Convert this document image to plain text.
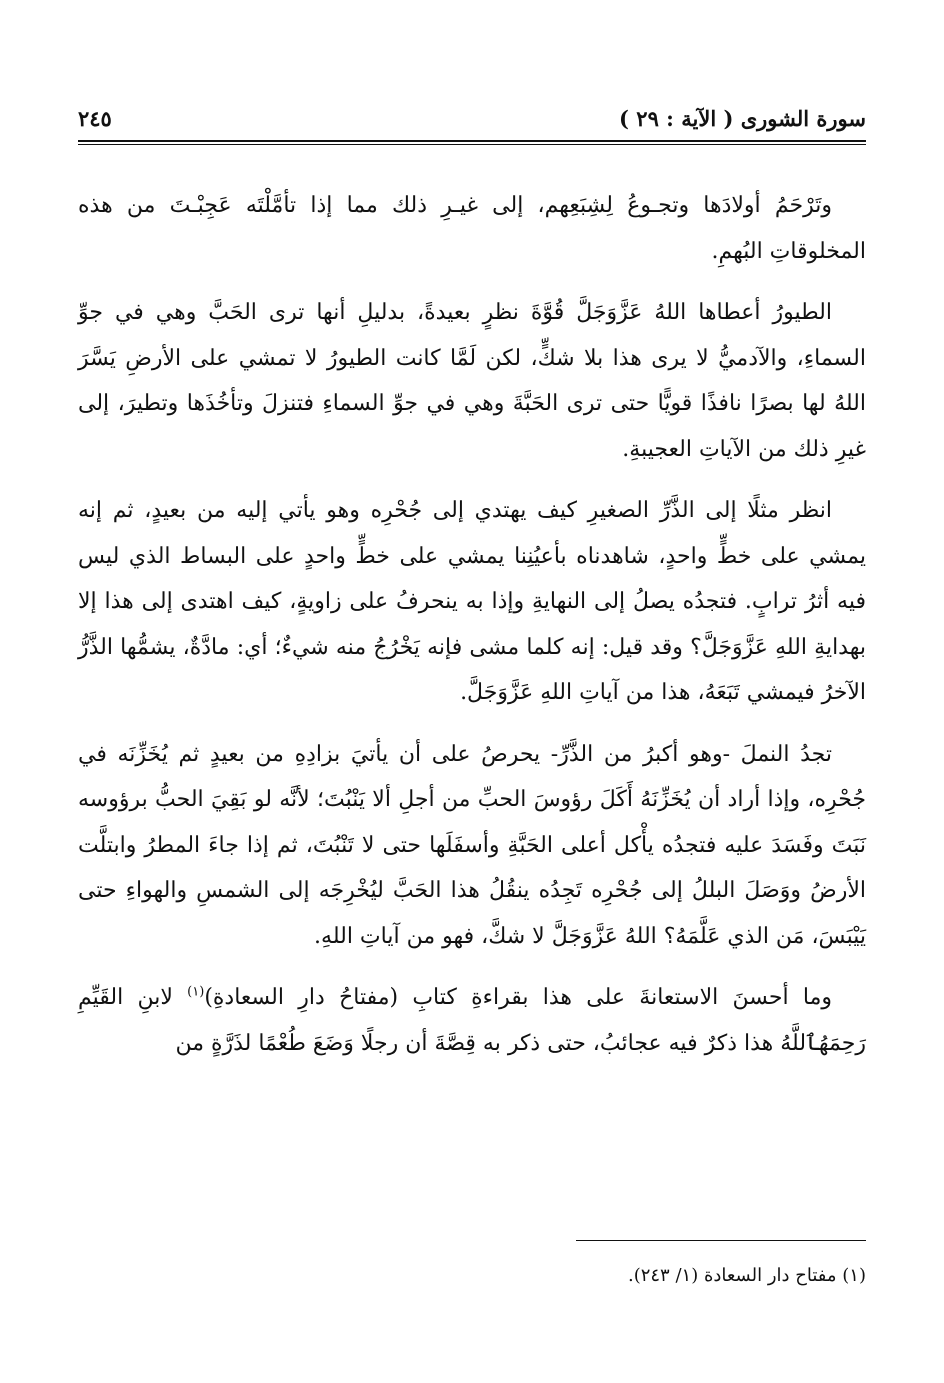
سورة الشورى ( الآية : ٢٩ )
٢٤٥

وتَرْحَمُ أولادَها وتجـوعُ لِشِبَعِهم، إلى غيـرِ ذلك مما إذا تأمَّلْتَه عَجِبْـتَ من هذه المخلوقاتِ البُهمِ.

الطيورُ أعطاها اللهُ عَزَّوَجَلَّ قُوَّةَ نظرٍ بعيدةً، بدليلِ أنها ترى الحَبَّ وهي في جوِّ السماءِ، والآدميُّ لا يرى هذا بلا شكٍّ، لكن لَمَّا كانت الطيورُ لا تمشي على الأرضِ يَسَّرَ اللهُ لها بصرًا نافذًا قويًّا حتى ترى الحَبَّةَ وهي في جوِّ السماءِ فتنزلَ وتأخُذَها وتطيرَ، إلى غيرِ ذلك من الآياتِ العجيبةِ.

انظر مثلًا إلى الذَّرِّ الصغيرِ كيف يهتدي إلى جُحْرِه وهو يأتي إليه من بعيدٍ، ثم إنه يمشي على خطٍّ واحدٍ، شاهدناه بأعيُنِنا يمشي على خطٍّ واحدٍ على البساط الذي ليس فيه أثرُ ترابٍ. فتجدُه يصلُ إلى النهايةِ وإذا به ينحرفُ على زاويةٍ، كيف اهتدى إلى هذا إلا بهدايةِ اللهِ عَزَّوَجَلَّ؟ وقد قيل: إنه كلما مشى فإنه يَخْرُجُ منه شيءٌ؛ أي: مادَّةٌ، يشمُّها الذَّرُّ الآخرُ فيمشي تَبَعَهُ، هذا من آياتِ اللهِ عَزَّوَجَلَّ.

تجدُ النملَ -وهو أكبرُ من الذَّرِّ- يحرصُ على أن يأتيَ بزادِهِ من بعيدٍ ثم يُخَزِّنَه في جُحْرِه، وإذا أراد أن يُخَزِّنَهُ أَكَلَ رؤوسَ الحبِّ من أجلِ ألا يَنْبُتَ؛ لأنَّه لو بَقِيَ الحبُّ برؤوسه نَبَتَ وفَسَدَ عليه فتجدُه يأْكل أعلى الحَبَّةِ وأسفَلَها حتى لا تَنْبُتَ، ثم إذا جاءَ المطرُ وابتلَّت الأرضُ ووَصَلَ البللُ إلى جُحْرِه تَجِدُه ينقُلُ هذا الحَبَّ ليُخْرِجَه إلى الشمسِ والهواءِ حتى يَيْبَسَ، مَن الذي عَلَّمَهُ؟ اللهُ عَزَّوَجَلَّ لا شكَّ، فهو من آياتِ اللهِ.

وما أحسنَ الاستعانةَ على هذا بقراءةِ كتابِ (مفتاحُ دارِ السعادةِ)$^{(١)}$ لابنِ القَيِّمِ رَحِمَهُٱللَّهُ هذا ذكرٌ فيه عجائبُ، حتى ذكر به قِصَّةَ أن رجلًا وَضَعَ طُعْمًا لذَرَّةٍ من

(١) مفتاح دار السعادة (١/ ٢٤٣).
